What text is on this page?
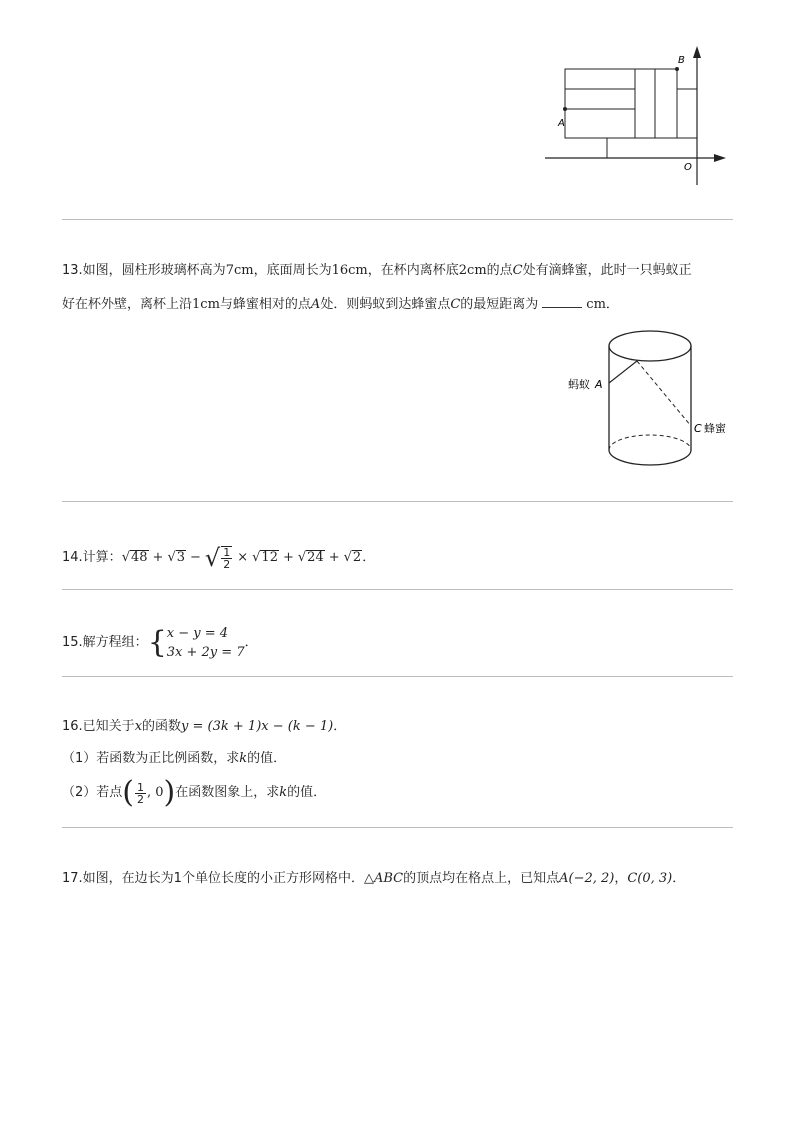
A
B
O
13.如图，圆柱形玻璃杯高为7cm，底面周长为16cm，在杯内离杯底2cm的点C处有滴蜂蜜，此时一只蚂蚁正
好在杯外壁，离杯上沿1cm与蜂蜜相对的点A处．则蚂蚁到达蜂蜜点C的最短距离为	cm．
蚂蚁 A
C 蜂蜜
14.计算： √48 + √3 − √ $\frac{1}{2} \times √12 + √24 + √2$ ．
15.解方程组： { x − y = 4
3x + 2y = 7
．
16.已知关于x的函数y = (3k + 1)x − (k − 1)．
（1）若函数为正比例函数，求k的值．
（2）若点 ( $\frac{1}{2}$ , 0 ) 在函数图象上，求 k 的值．
17.如图，在边长为1个单位长度的小正方形网格中．△ABC的顶点均在格点上，已知点A(−2, 2)，C(0, 3)．
